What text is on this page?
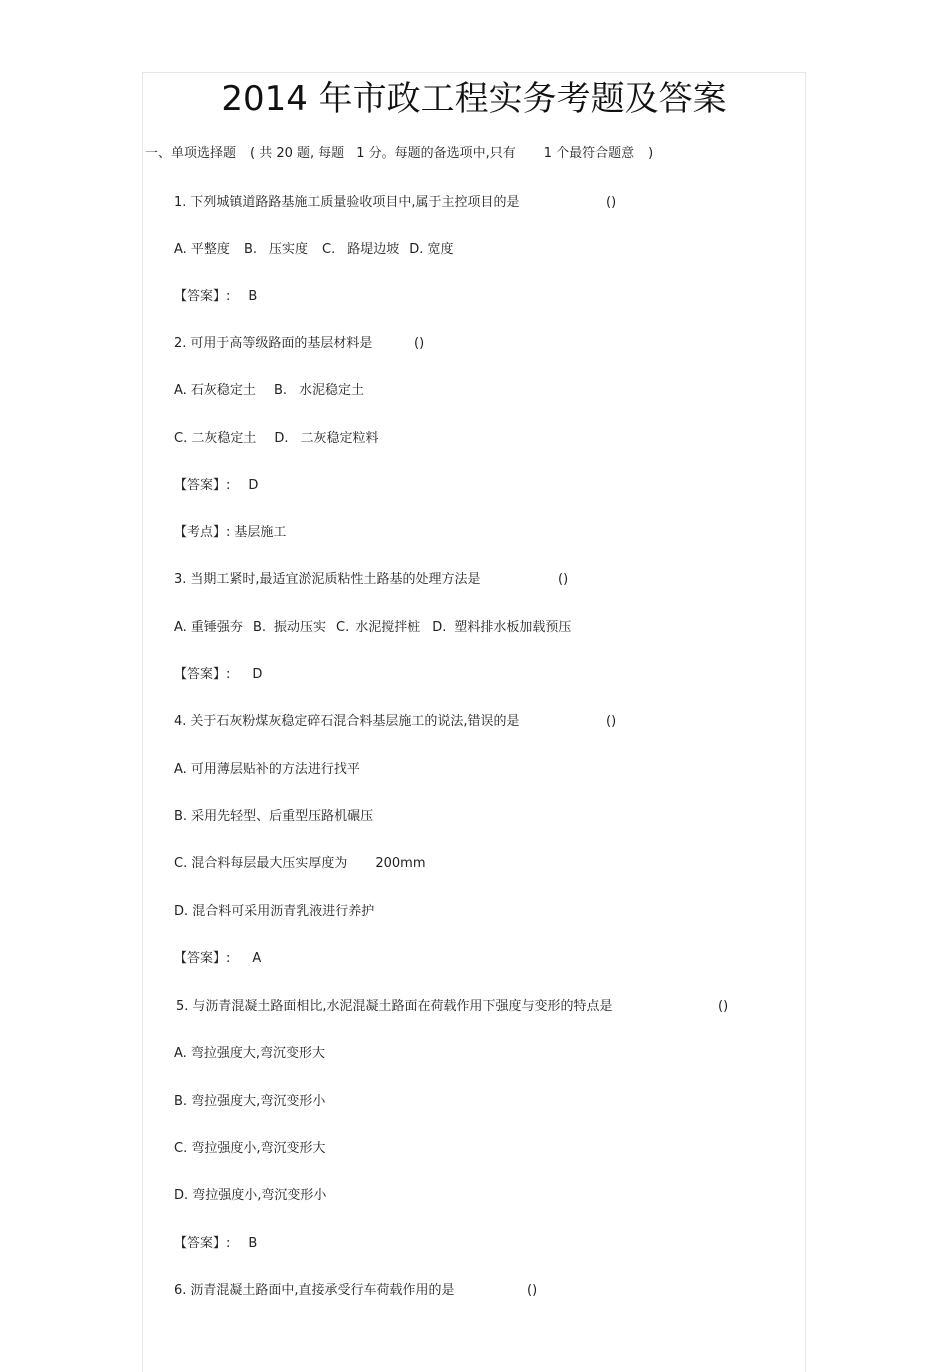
2014 年市政工程实务考题及答案
一、单项选择题 ( 共 20 题, 每题 1 分。每题的备选项中,只有 1 个最符合题意 )
1. 下列城镇道路路基施工质量验收项目中,属于主控项目的是	()
A. 平整度 B. 压实度 C. 路堤边坡 D. 宽度
【答案】: B
2. 可用于高等级路面的基层材料是	()
A. 石灰稳定土 B. 水泥稳定土
C. 二灰稳定土 D. 二灰稳定粒料
【答案】: D
【考点】: 基层施工
3. 当期工紧时,最适宜淤泥质粘性土路基的处理方法是	()
A. 重锤强夯 B. 振动压实 C. 水泥搅拌桩 D. 塑料排水板加载预压
【答案】: D
4. 关于石灰粉煤灰稳定碎石混合料基层施工的说法,错误的是	()
A. 可用薄层贴补的方法进行找平
B. 采用先轻型、后重型压路机碾压
C. 混合料每层最大压实厚度为 200mm
D. 混合料可采用沥青乳液进行养护
【答案】: A
5. 与沥青混凝土路面相比,水泥混凝土路面在荷载作用下强度与变形的特点是	()
A. 弯拉强度大,弯沉变形大
B. 弯拉强度大,弯沉变形小
C. 弯拉强度小,弯沉变形大
D. 弯拉强度小,弯沉变形小
【答案】: B
6. 沥青混凝土路面中,直接承受行车荷载作用的是	()
